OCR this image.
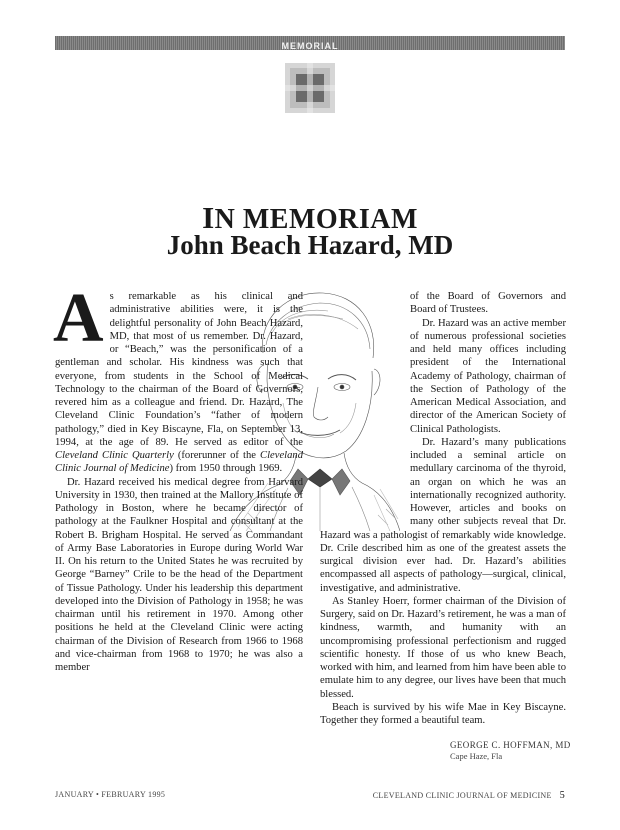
MEMORIAL
IN MEMORIAM
John Beach Hazard, MD

As remarkable as his clinical and administrative abilities were, it is the delightful personality of John Beach Hazard, MD, that most of us remember. Dr. Hazard, or “Beach,” was the personification of a gentleman and scholar. His kindness was such that everyone, from students in the School of Medical Technology to the chairman of the Board of Governors, revered him as a colleague and friend. Dr. Hazard, The Cleveland Clinic Foundation’s “father of modern pathology,” died in Key Biscayne, Fla, on September 13, 1994, at the age of 89. He served as editor of the Cleveland Clinic Quarterly (forerunner of the Cleveland Clinic Journal of Medicine) from 1950 through 1969.

Dr. Hazard received his medical degree from Harvard University in 1930, then trained at the Mallory Institute of Pathology in Boston, where he became director of pathology at the Faulkner Hospital and consultant at the Robert B. Brigham Hospital. He served as Commandant of Army Base Laboratories in Europe during World War II. On his return to the United States he was recruited by George “Barney” Crile to be the head of the Department of Tissue Pathology. Under his leadership this department developed into the Division of Pathology in 1958; he was chairman until his retirement in 1970. Among other positions he held at the Cleveland Clinic were acting chairman of the Division of Research from 1966 to 1968 and vice-chairman from 1968 to 1970; he was also a member

of the Board of Governors and Board of Trustees.

Dr. Hazard was an active member of numerous professional societies and held many offices including president of the International Academy of Pathology, chairman of the Section of Pathology of the American Medical Association, and director of the American Society of Clinical Pathologists.

Dr. Hazard’s many publications included a seminal article on medullary carcinoma of the thyroid, an organ on which he was an internationally recognized authority. However, articles and books on many other subjects reveal that Dr. Hazard was a pathologist of remarkably wide knowledge. Dr. Crile described him as one of the greatest assets the surgical division ever had. Dr. Hazard’s abilities encompassed all aspects of pathology—surgical, clinical, investigative, and administrative.

As Stanley Hoerr, former chairman of the Division of Surgery, said on Dr. Hazard’s retirement, he was a man of kindness, warmth, and humanity with an uncompromising professional perfectionism and rugged scientific honesty. If those of us who knew Beach, worked with him, and learned from him have been able to emulate him to any degree, our lives have been that much blessed.

Beach is survived by his wife Mae in Key Biscayne. Together they formed a beautiful team.

GEORGE C. HOFFMAN, MD
Cape Haze, Fla
JANUARY • FEBRUARY 1995	CLEVELAND CLINIC JOURNAL OF MEDICINE 5
